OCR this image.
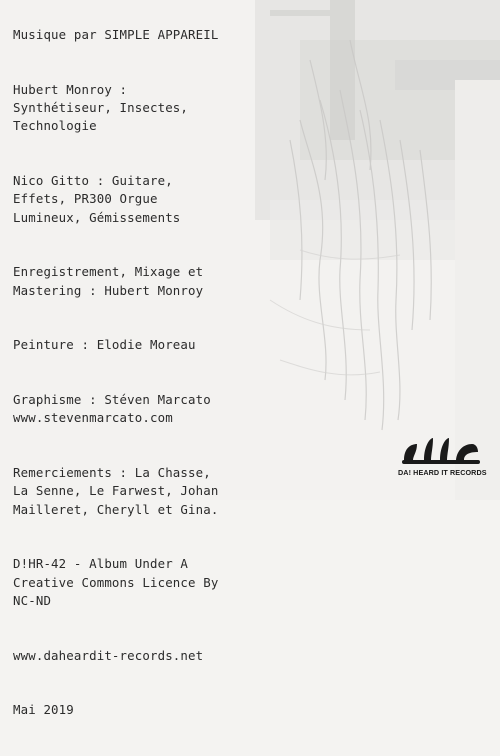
Musique par SIMPLE APPAREIL

Hubert Monroy :
Synthétiseur, Insectes,
Technologie

Nico Gitto : Guitare,
Effets, PR300 Orgue
Lumineux, Gémissements

Enregistrement, Mixage et
Mastering : Hubert Monroy

Peinture : Elodie Moreau

Graphisme : Stéven Marcato
www.stevenmarcato.com

Remerciements : La Chasse,
La Senne, Le Farwest, Johan
Mailleret, Cheryll et Gina.

D!HR-42 - Album Under A
Creative Commons Licence By
NC-ND

www.daheardit-records.net

Mai 2019

DA! HEARD IT RECORDS
